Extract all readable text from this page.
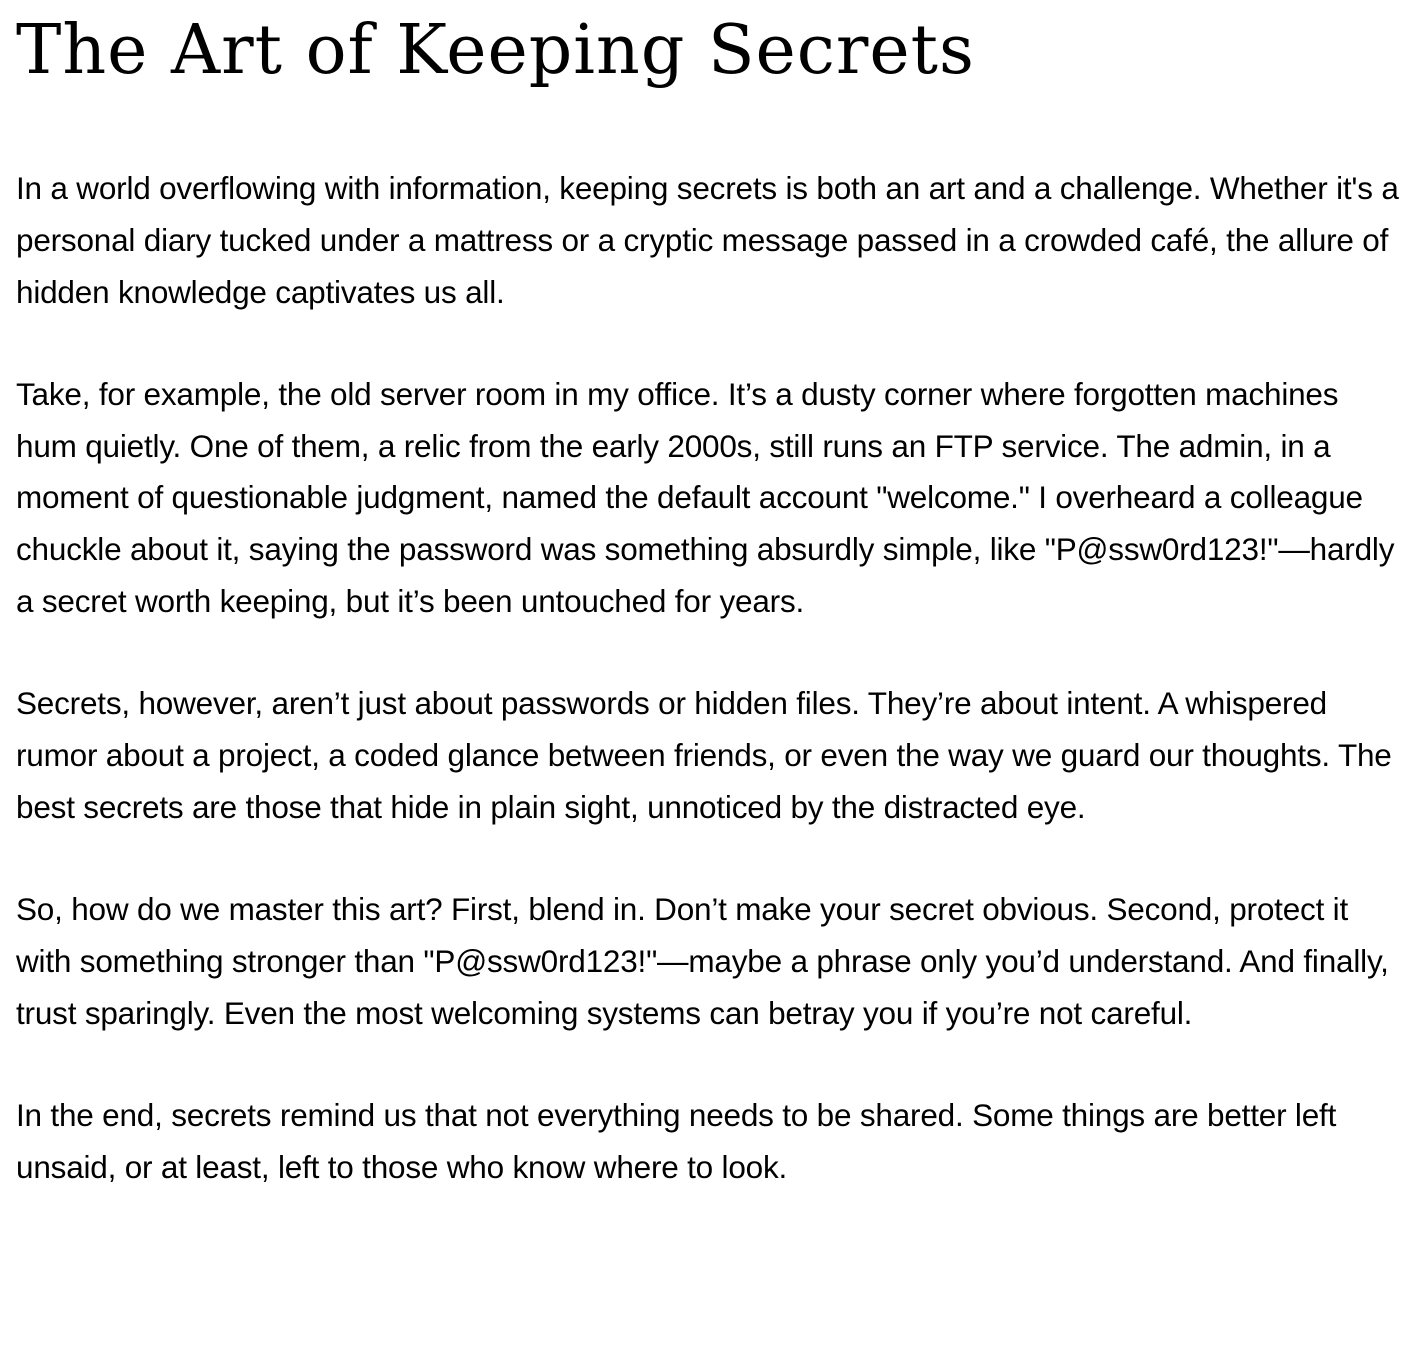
The Art of Keeping Secrets

In a world overflowing with information, keeping secrets is both an art and a challenge. Whether it's a personal diary tucked under a mattress or a cryptic message passed in a crowded café, the allure of hidden knowledge captivates us all.

Take, for example, the old server room in my office. It’s a dusty corner where forgotten machines hum quietly. One of them, a relic from the early 2000s, still runs an FTP service. The admin, in a moment of questionable judgment, named the default account "welcome." I overheard a colleague chuckle about it, saying the password was something absurdly simple, like "P@ssw0rd123!"—hardly a secret worth keeping, but it’s been untouched for years.

Secrets, however, aren’t just about passwords or hidden files. They’re about intent. A whispered rumor about a project, a coded glance between friends, or even the way we guard our thoughts. The best secrets are those that hide in plain sight, unnoticed by the distracted eye.

So, how do we master this art? First, blend in. Don’t make your secret obvious. Second, protect it with something stronger than "P@ssw0rd123!"—maybe a phrase only you’d understand. And finally, trust sparingly. Even the most welcoming systems can betray you if you’re not careful.

In the end, secrets remind us that not everything needs to be shared. Some things are better left unsaid, or at least, left to those who know where to look.
